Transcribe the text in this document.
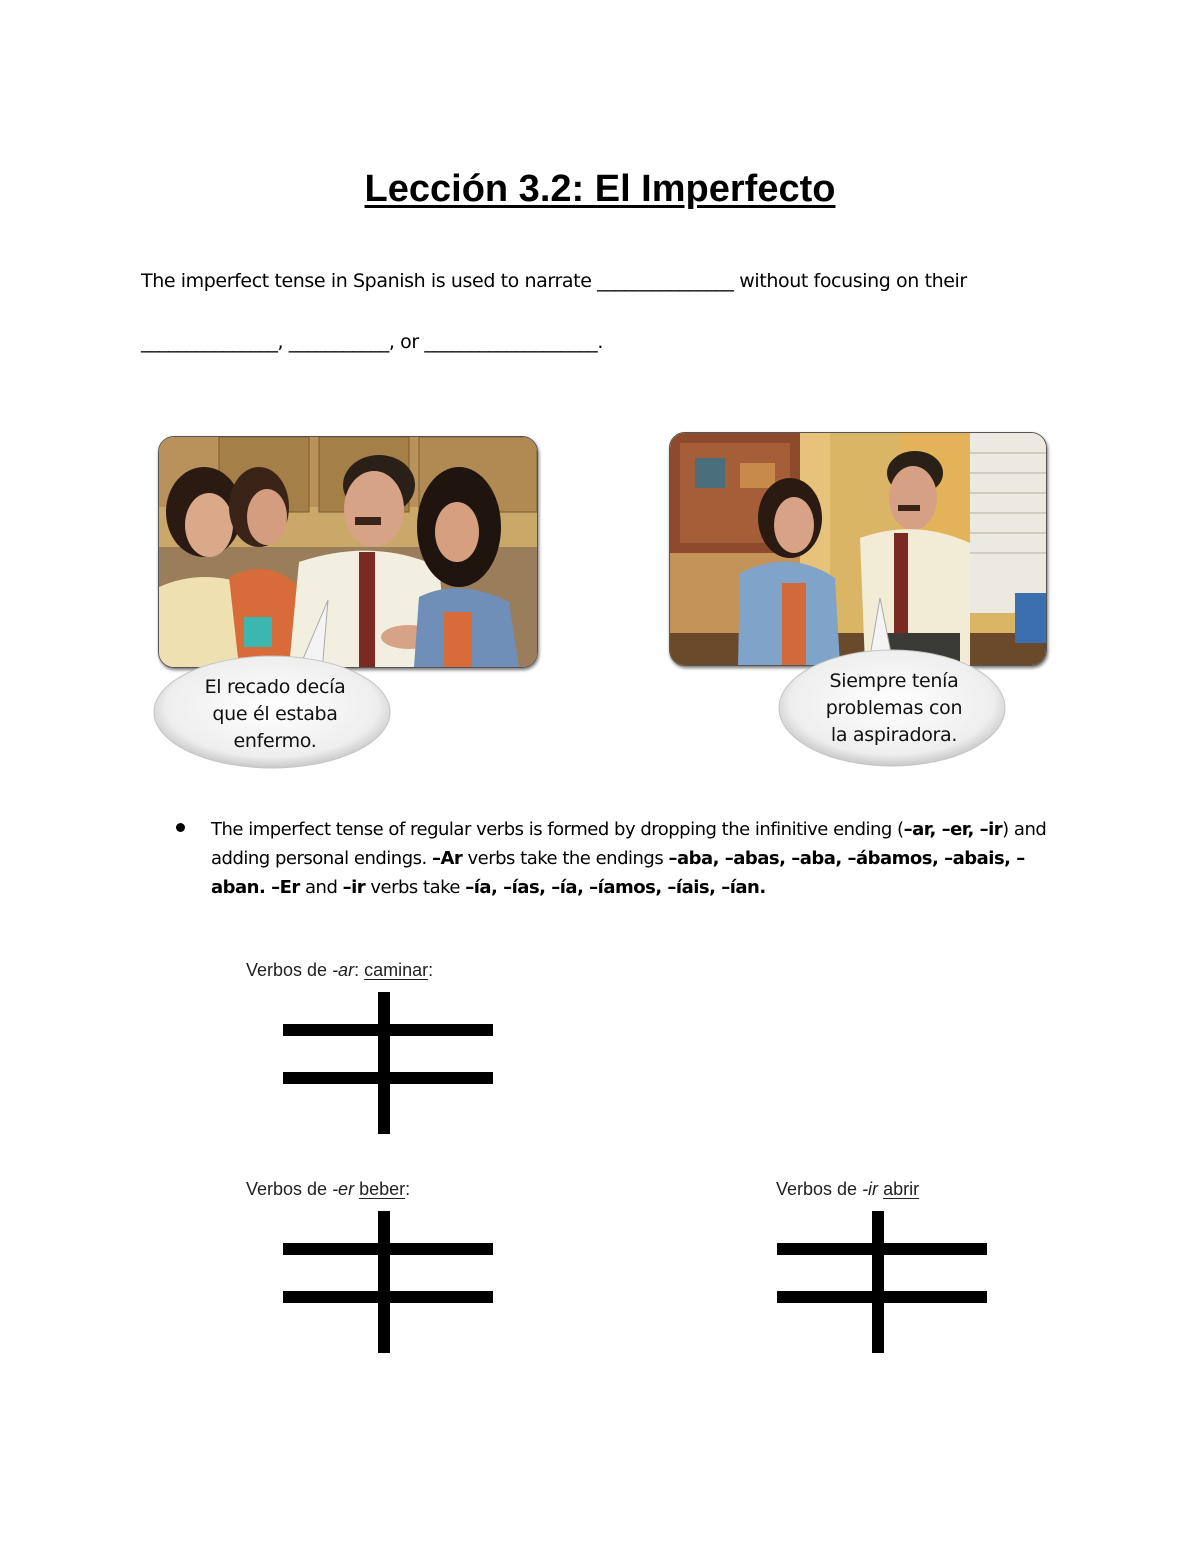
Lección 3.2: El Imperfecto
The imperfect tense in Spanish is used to narrate _______________ without focusing on their
_______________, ___________, or ___________________.
El recado decía
que él estaba
enfermo.
Siempre tenía
problemas con
la aspiradora.
The imperfect tense of regular verbs is formed by dropping the infinitive ending (–ar, –er, –ir) and adding personal endings. –Ar verbs take the endings –aba, –abas, –aba, –ábamos, –abais, –aban. –Er and –ir verbs take –ía, –ías, –ía, –íamos, –íais, –ían.
Verbos de -ar: caminar:
Verbos de -er beber:	Verbos de -ir abrir
